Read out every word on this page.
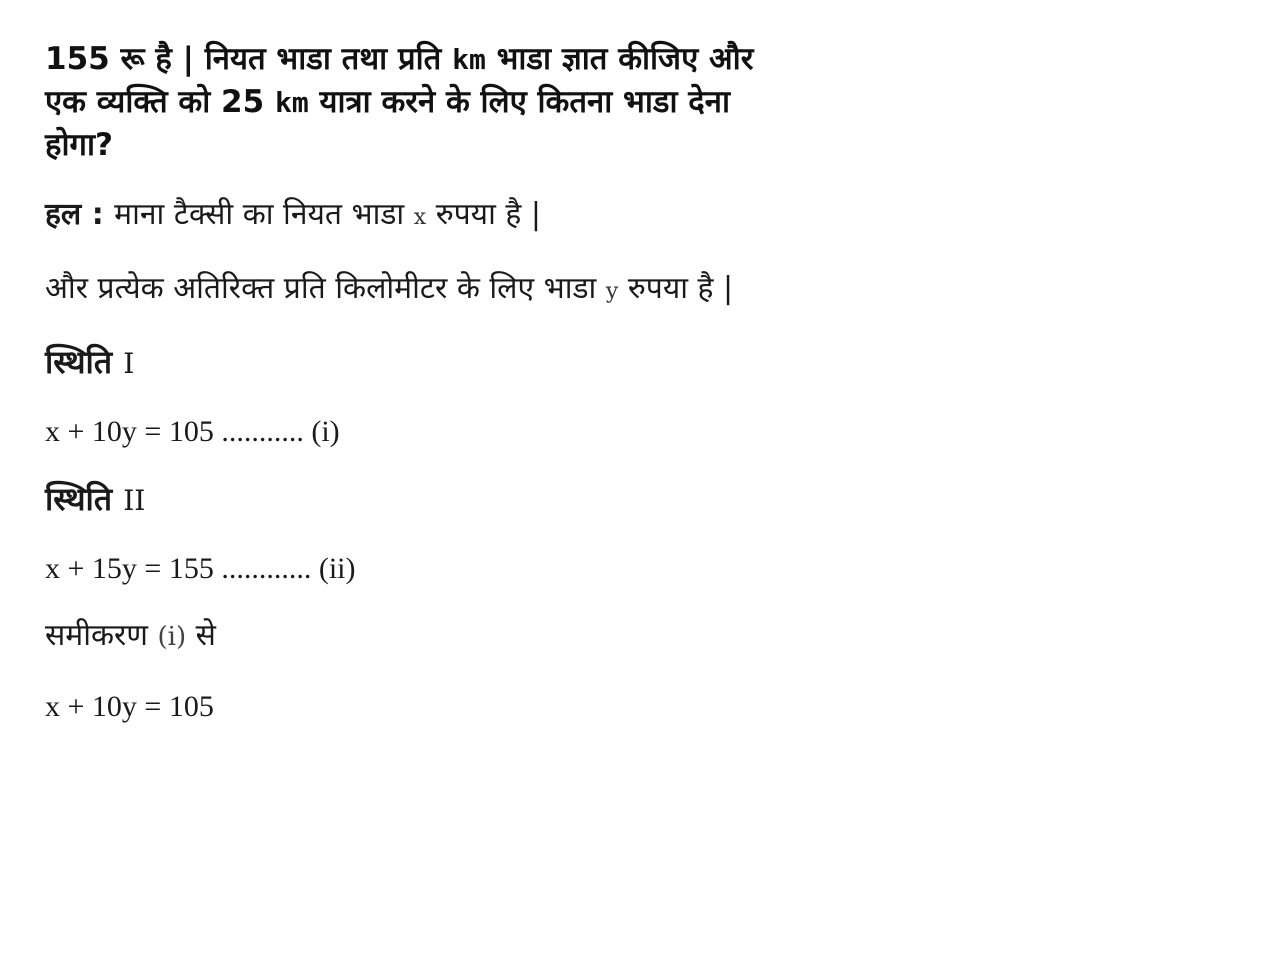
155 रू है | नियत भाडा तथा प्रति km भाडा ज्ञात कीजिए और
एक व्यक्ति को 25 km यात्रा करने के लिए कितना भाडा देना
होगा?

हल : माना टैक्सी का नियत भाडा x रुपया है |

और प्रत्येक अतिरिक्त प्रति किलोमीटर के लिए भाडा y रुपया है |

स्थिति I

x + 10y = 105 ........... (i)

स्थिति II

x + 15y = 155 ............ (ii)

समीकरण (i) से

x + 10y = 105
